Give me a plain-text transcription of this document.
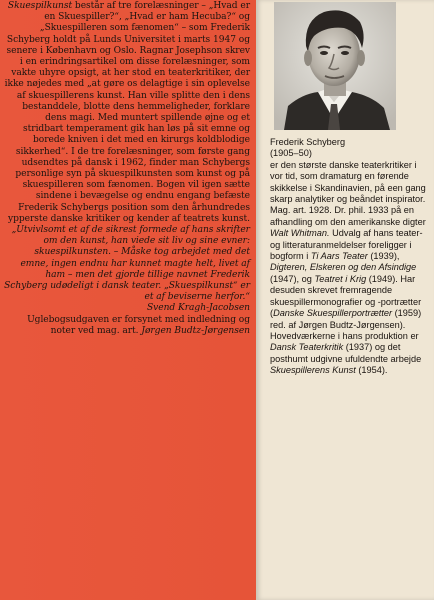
Skuespilkunst består af tre forelæsninger – „Hvad er en Skuespiller?“, „Hvad er ham Hecuba?“ og „Skuespilleren som fænomen“ – som Frederik Schyberg holdt på Lunds Universitet i marts 1947 og senere i København og Oslo. Ragnar Josephson skrev i en erindringsartikel om disse forelæsninger, som vakte uhyre opsigt, at her stod en teaterkritiker, der ikke nøjedes med „at gøre os delagtige i sin oplevelse af skuespillerens kunst. Han ville splitte den i dens bestanddele, blotte dens hemmeligheder, forklare dens magi. Med muntert spillende øjne og et stridbart temperament gik han løs på sit emne og borede kniven i det med en kirurgs koldblodige sikkerhed“. I de tre forelæsninger, som første gang udsendtes på dansk i 1962, finder man Schybergs personlige syn på skuespilkunsten som kunst og på skuespilleren som fænomen. Bogen vil igen sætte sindene i bevægelse og endnu engang befæste Frederik Schybergs position som den århundredes ypperste danske kritiker og kender af teatrets kunst.

„Utvivlsomt et af de sikrest formede af hans skrifter om den kunst, han viede sit liv og sine evner: skuespilkunsten. – Måske tog arbejdet med det emne, ingen endnu har kunnet magte helt, livet af ham – men det gjorde tillige navnet Frederik Schyberg udødeligt i dansk teater. „Skuespilkunst“ er et af beviserne herfor.“

Svend Kragh-Jacobsen

Uglebogsudgaven er forsynet med indledning og noter ved mag. art. Jørgen Budtz-Jørgensen

Frederik Schyberg

(1905–50)

er den største danske teaterkritiker i vor tid, som dramaturg en førende skikkelse i Skandinavien, på een gang skarp analytiker og beåndet inspirator. Mag. art. 1928. Dr. phil. 1933 på en afhandling om den amerikanske digter Walt Whitman. Udvalg af hans teater- og litteraturanmeldelser foreligger i bogform i Ti Aars Teater (1939), Digteren, Elskeren og den Afsindige (1947), og Teatret i Krig (1949). Har desuden skrevet fremragende skuespillermonografier og -portrætter (Danske Skuespillerportrætter (1959) red. af Jørgen Budtz-Jørgensen). Hovedværkerne i hans produktion er Dansk Teaterkritik (1937) og det posthumt udgivne ufuldendte arbejde Skuespillerens Kunst (1954).
